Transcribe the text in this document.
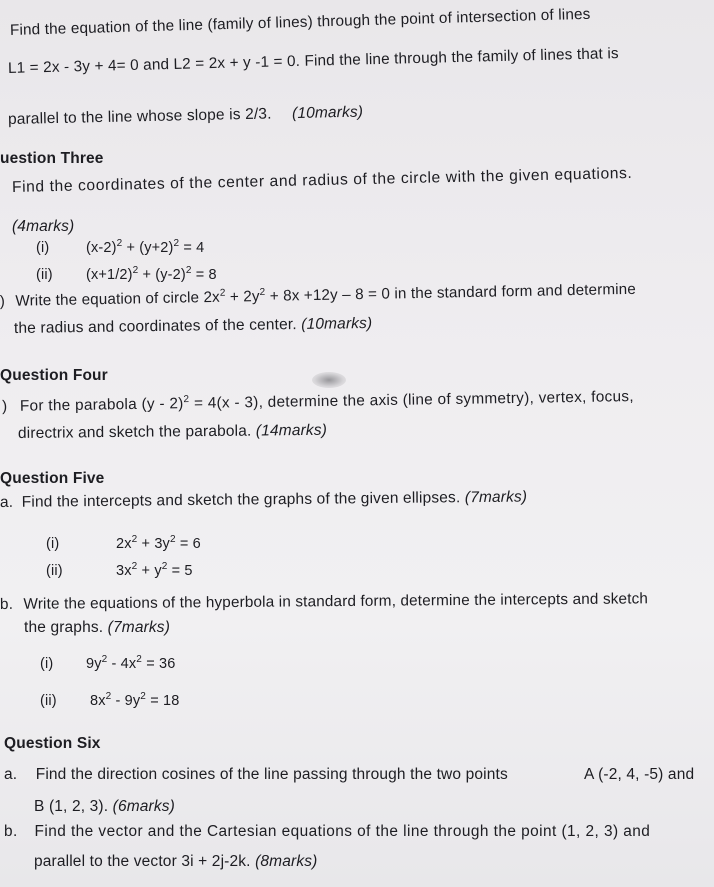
Find the equation of the line (family of lines) through the point of intersection of lines
L1 = 2x - 3y + 4= 0 and L2 = 2x + y -1 = 0. Find the line through the family of lines that is
parallel to the line whose slope is 2/3. (10marks)
uestion Three
Find the coordinates of the center and radius of the circle with the given equations.
(4marks)
(i)	$(x-2)^2 + (y+2)^2 = 4$
(ii) $(x+1/2)^2 + (y-2)^2 = 8$
) Write the equation of circle $2x^2 + 2y^2 + 8x +12y - 8 = 0$ in the standard form and determine
the radius and coordinates of the center. (10marks)
Question Four
) For the parabola (y - 2)$^2$ = 4(x - 3), determine the axis (line of symmetry), vertex, focus,
directrix and sketch the parabola. (14marks)
Question Five
a. Find the intercepts and sketch the graphs of the given ellipses. (7marks)
(i)	$2x^2 + 3y^2 = 6$
(ii)	$3x^2 + y^2 = 5$
b. Write the equations of the hyperbola in standard form, determine the intercepts and sketch
the graphs. (7marks)
(i) $9y^2 - 4x^2 = 36$
(ii) $8x^2 - 9y^2 = 18$
Question Six
a. Find the direction cosines of the line passing through the two points	A (-2, 4, -5) and
B (1, 2, 3). (6marks)
b. Find the vector and the Cartesian equations of the line through the point (1, 2, 3) and
parallel to the vector 3i + 2j-2k. (8marks)
